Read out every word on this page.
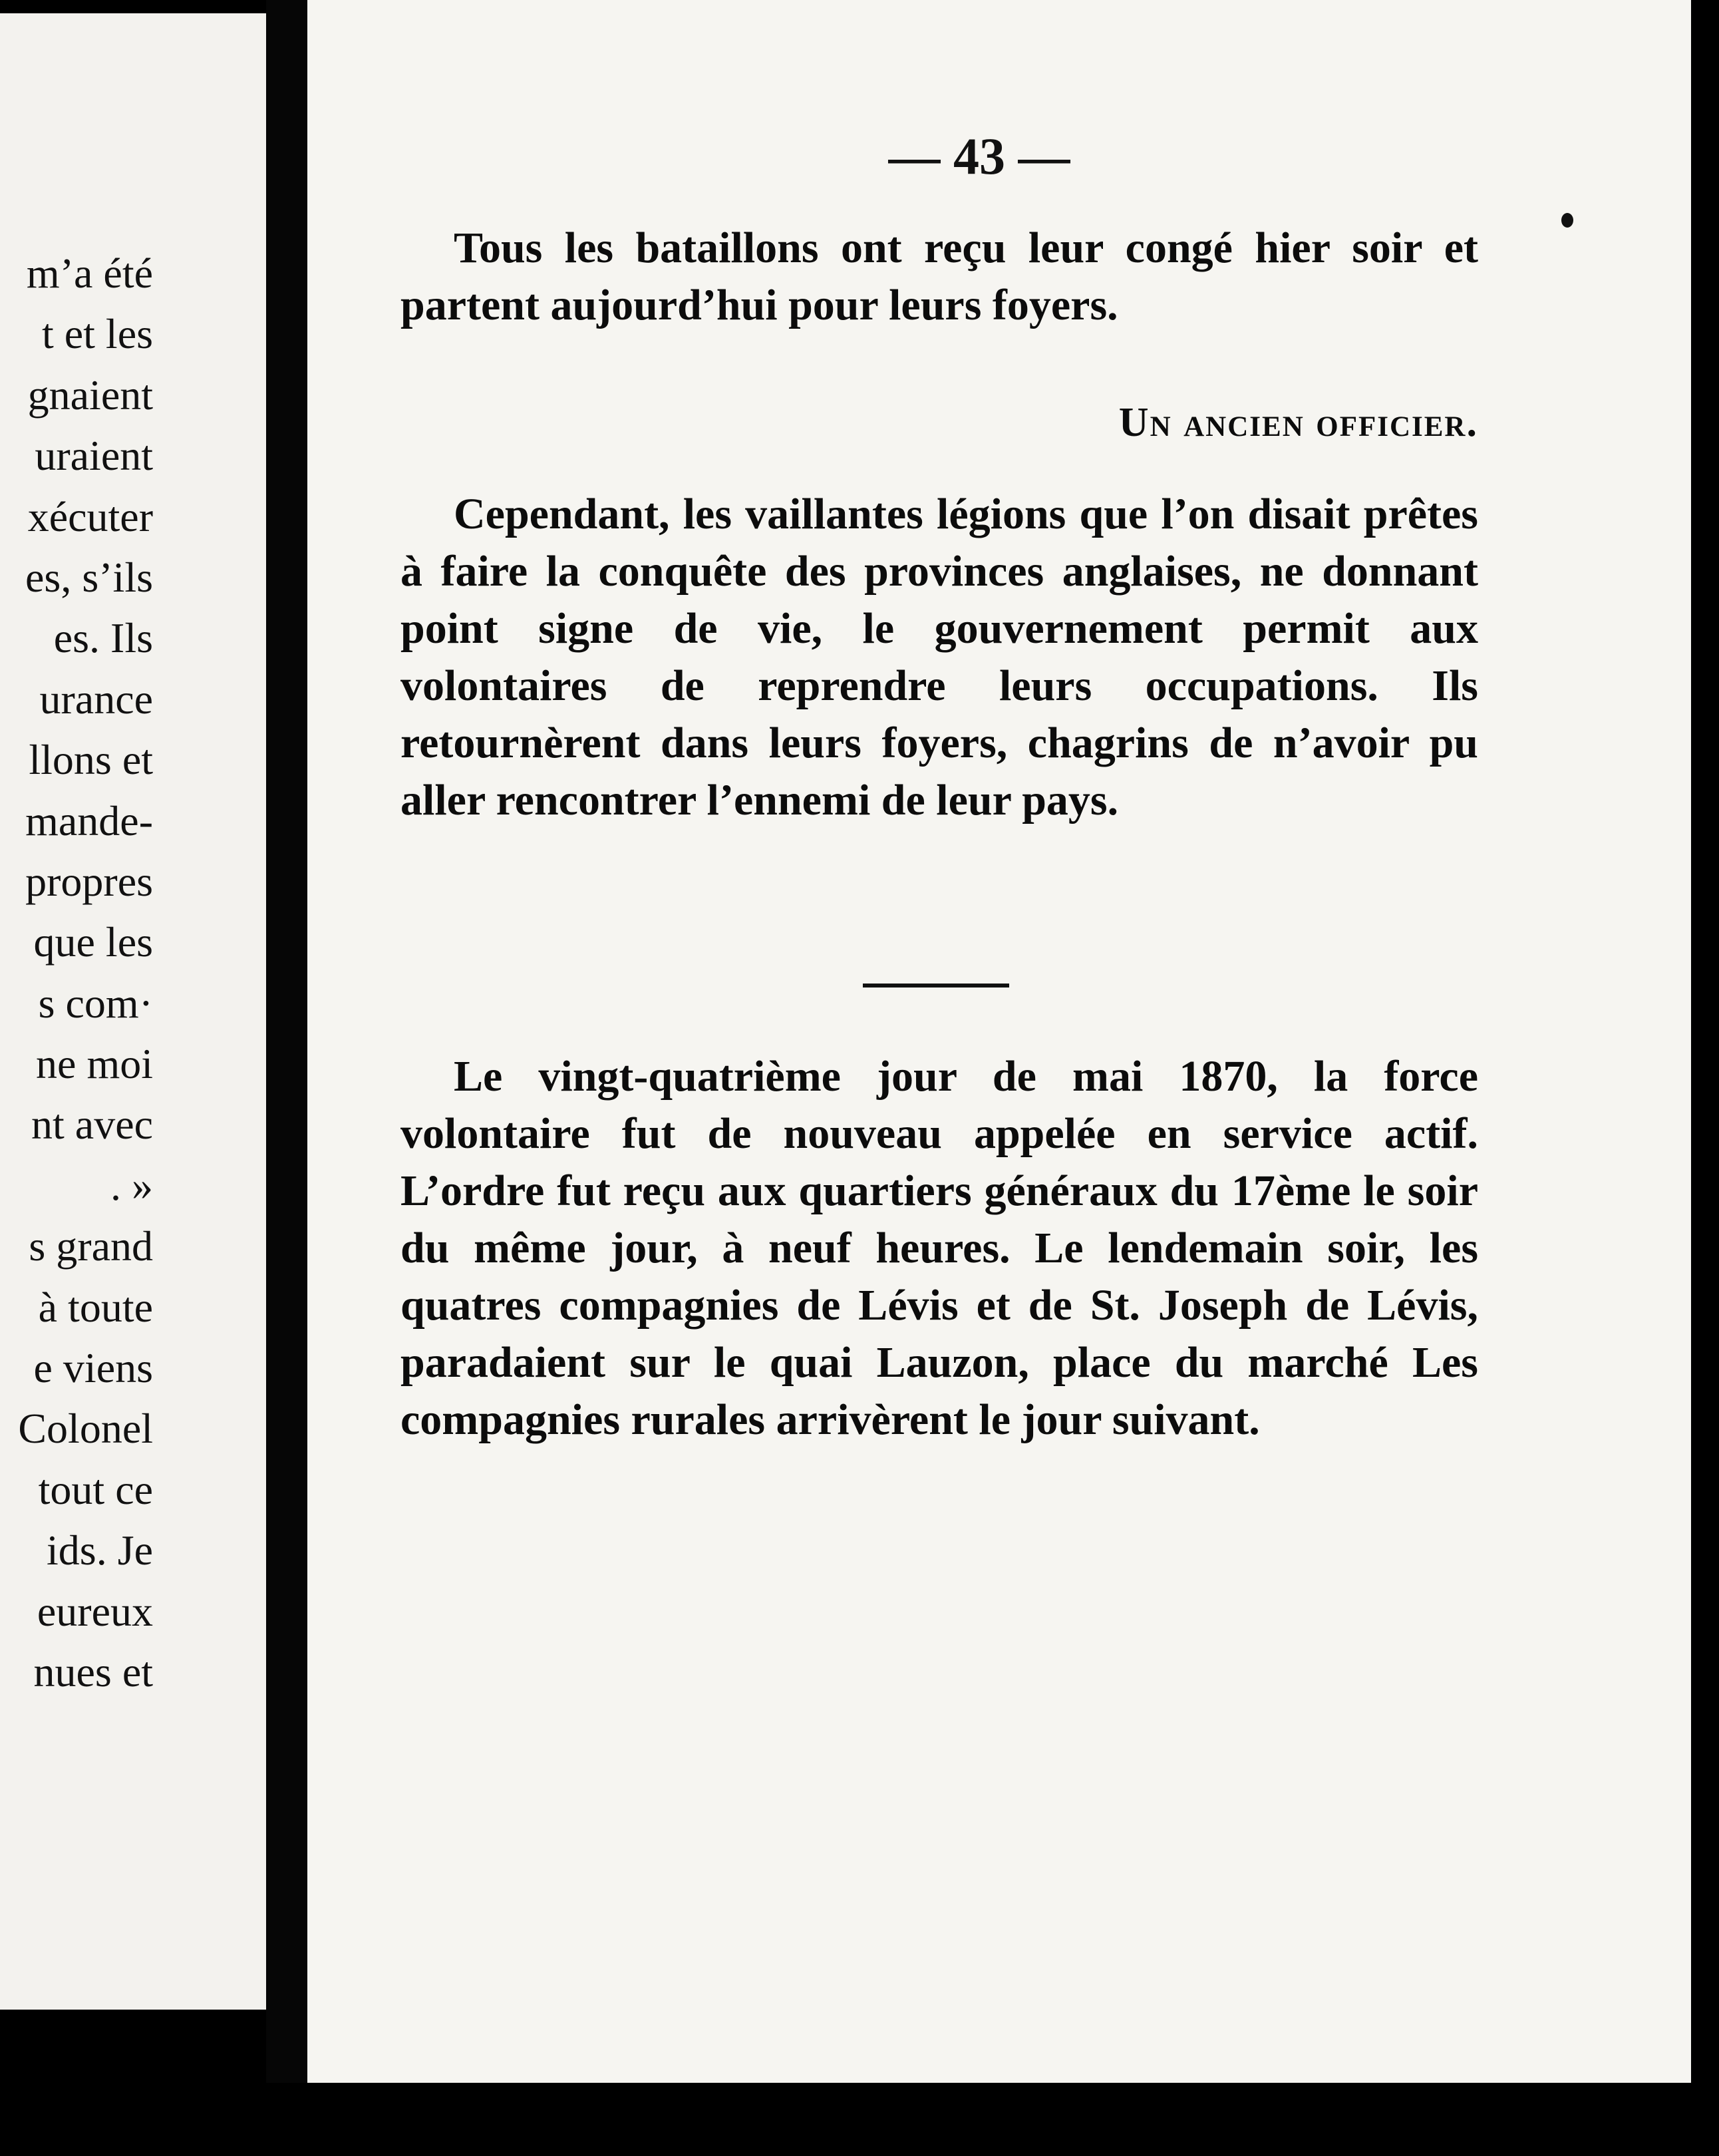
m’a été
t et les
gnaient
uraient
xécuter
es, s’ils
es. Ils
urance
llons et
mande-
propres
que les
s com·
ne moi
nt avec
. »
s grand
à toute
e viens
Colonel
tout ce
ids. Je
eureux
nues et
— 43 —
Tous les bataillons ont reçu leur congé hier soir et partent aujourd’hui pour leurs foyers.
Un ancien officier.
Cependant, les vaillantes légions que l’on disait prêtes à faire la conquête des provinces anglaises, ne donnant point signe de vie, le gouvernement permit aux volontaires de reprendre leurs occupations. Ils retournèrent dans leurs foyers, chagrins de n’avoir pu aller rencontrer l’ennemi de leur pays.
Le vingt-quatrième jour de mai 1870, la force volontaire fut de nouveau appelée en service actif. L’ordre fut reçu aux quartiers généraux du 17ème le soir du même jour, à neuf heures. Le lendemain soir, les quatres compagnies de Lévis et de St. Joseph de Lévis, paradaient sur le quai Lauzon, place du marché Les compagnies rurales arrivèrent le jour suivant.
